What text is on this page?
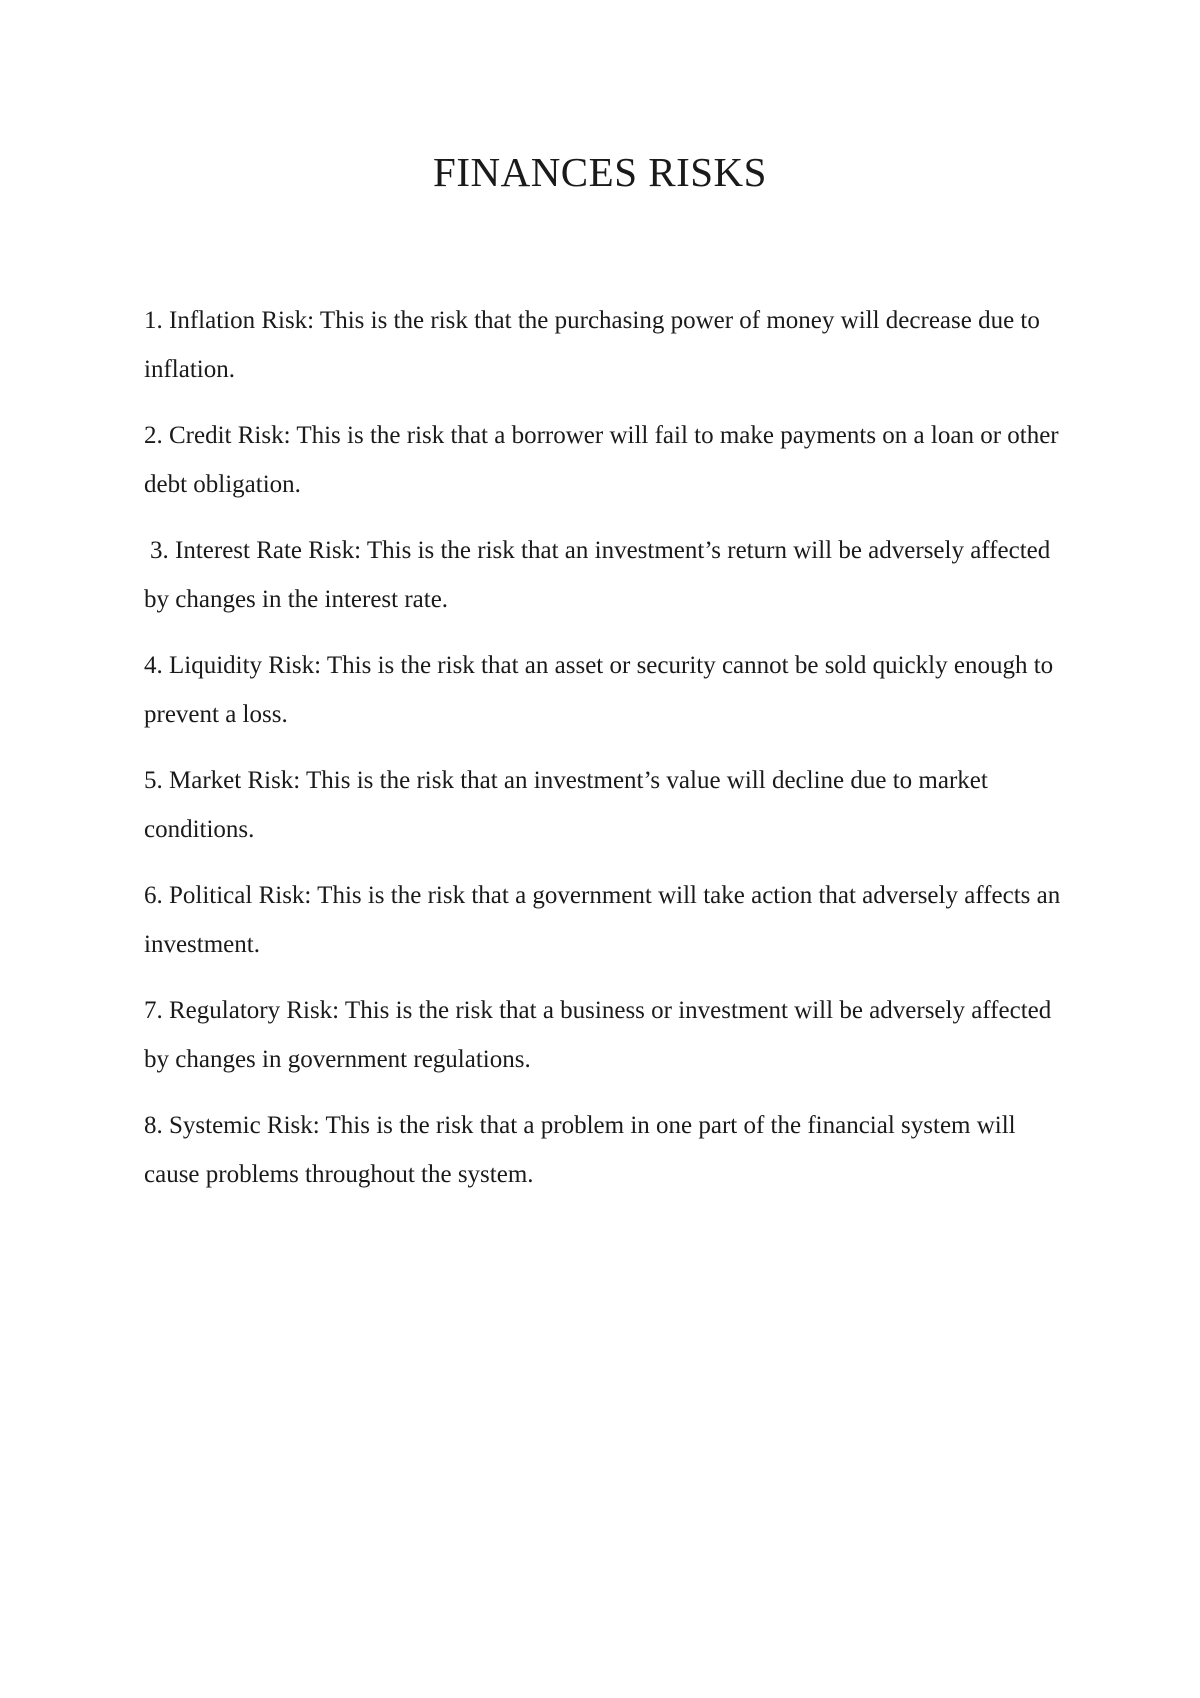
FINANCES RISKS
1. Inflation Risk: This is the risk that the purchasing power of money will decrease due to inflation.
2. Credit Risk: This is the risk that a borrower will fail to make payments on a loan or other debt obligation.
3. Interest Rate Risk: This is the risk that an investment’s return will be adversely affected by changes in the interest rate.
4. Liquidity Risk: This is the risk that an asset or security cannot be sold quickly enough to prevent a loss.
5. Market Risk: This is the risk that an investment’s value will decline due to market conditions.
6. Political Risk: This is the risk that a government will take action that adversely affects an investment.
7. Regulatory Risk: This is the risk that a business or investment will be adversely affected by changes in government regulations.
8. Systemic Risk: This is the risk that a problem in one part of the financial system will cause problems throughout the system.
